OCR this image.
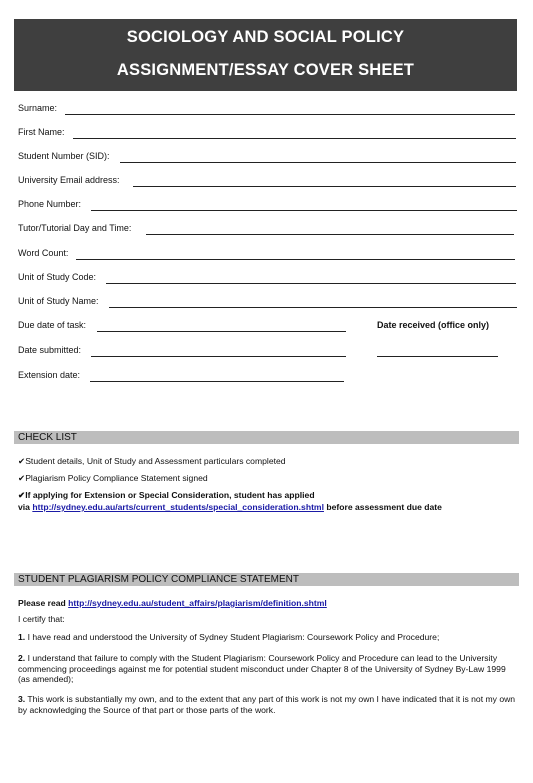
SOCIOLOGY AND SOCIAL POLICY
ASSIGNMENT/ESSAY COVER SHEET
Surname:
First Name:
Student Number (SID):
University Email address:
Phone Number:
Tutor/Tutorial Day and Time:
Word Count:
Unit of Study Code:
Unit of Study Name:
Due date of task:	Date received (office only)
Date submitted:
Extension date:
CHECK LIST
✔Student details, Unit of Study and Assessment particulars completed
✔Plagiarism Policy Compliance Statement signed
✔If applying for Extension or Special Consideration, student has applied
via http://sydney.edu.au/arts/current_students/special_consideration.shtml before assessment due date
STUDENT PLAGIARISM POLICY COMPLIANCE STATEMENT
Please read http://sydney.edu.au/student_affairs/plagiarism/definition.shtml
I certify that:
1. I have read and understood the University of Sydney Student Plagiarism: Coursework Policy and Procedure;
2. I understand that failure to comply with the Student Plagiarism: Coursework Policy and Procedure can lead to the University commencing proceedings against me for potential student misconduct under Chapter 8 of the University of Sydney By-Law 1999 (as amended);
3. This work is substantially my own, and to the extent that any part of this work is not my own I have indicated that it is not my own by acknowledging the Source of that part or those parts of the work.
